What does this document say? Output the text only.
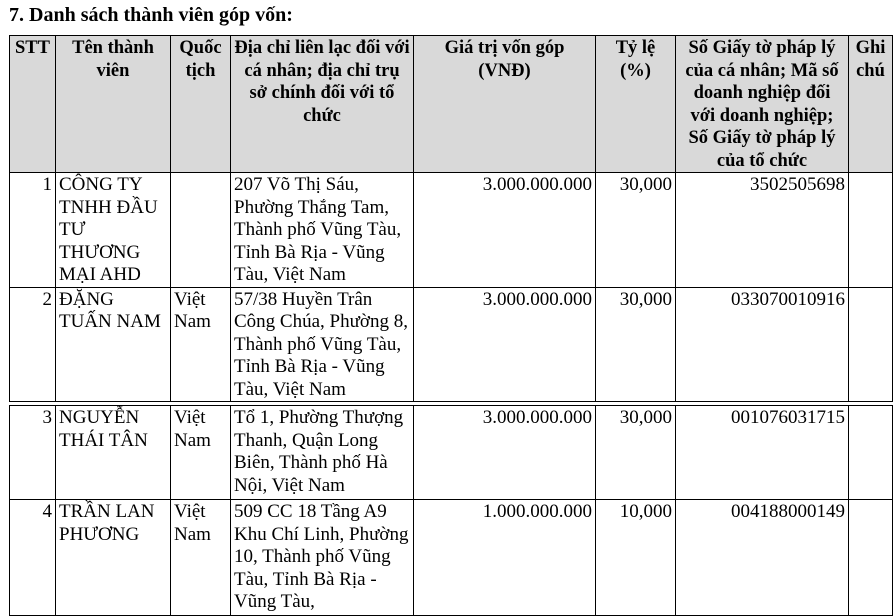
7. Danh sách thành viên góp vốn:
STT	Tên thành viên	Quốc tịch	Địa chỉ liên lạc đối với cá nhân; địa chỉ trụ sở chính đối với tổ chức	Giá trị vốn góp (VNĐ)	Tỷ lệ (%)	Số Giấy tờ pháp lý của cá nhân; Mã số doanh nghiệp đối với doanh nghiệp; Số Giấy tờ pháp lý của tổ chức	Ghi chú
1	CÔNG TY TNHH ĐẦU TƯ THƯƠNG MẠI AHD		207 Võ Thị Sáu, Phường Thắng Tam, Thành phố Vũng Tàu, Tỉnh Bà Rịa - Vũng Tàu, Việt Nam	3.000.000.000	30,000	3502505698	
2	ĐẶNG TUẤN NAM	Việt Nam	57/38 Huyền Trân Công Chúa, Phường 8, Thành phố Vũng Tàu, Tỉnh Bà Rịa - Vũng Tàu, Việt Nam	3.000.000.000	30,000	033070010916	
3	NGUYỄN THÁI TÂN	Việt Nam	Tổ 1, Phường Thượng Thanh, Quận Long Biên, Thành phố Hà Nội, Việt Nam	3.000.000.000	30,000	001076031715	
4	TRẦN LAN PHƯƠNG	Việt Nam	509 CC 18 Tầng A9 Khu Chí Linh, Phường 10, Thành phố Vũng Tàu, Tỉnh Bà Rịa - Vũng Tàu,	1.000.000.000	10,000	004188000149	
